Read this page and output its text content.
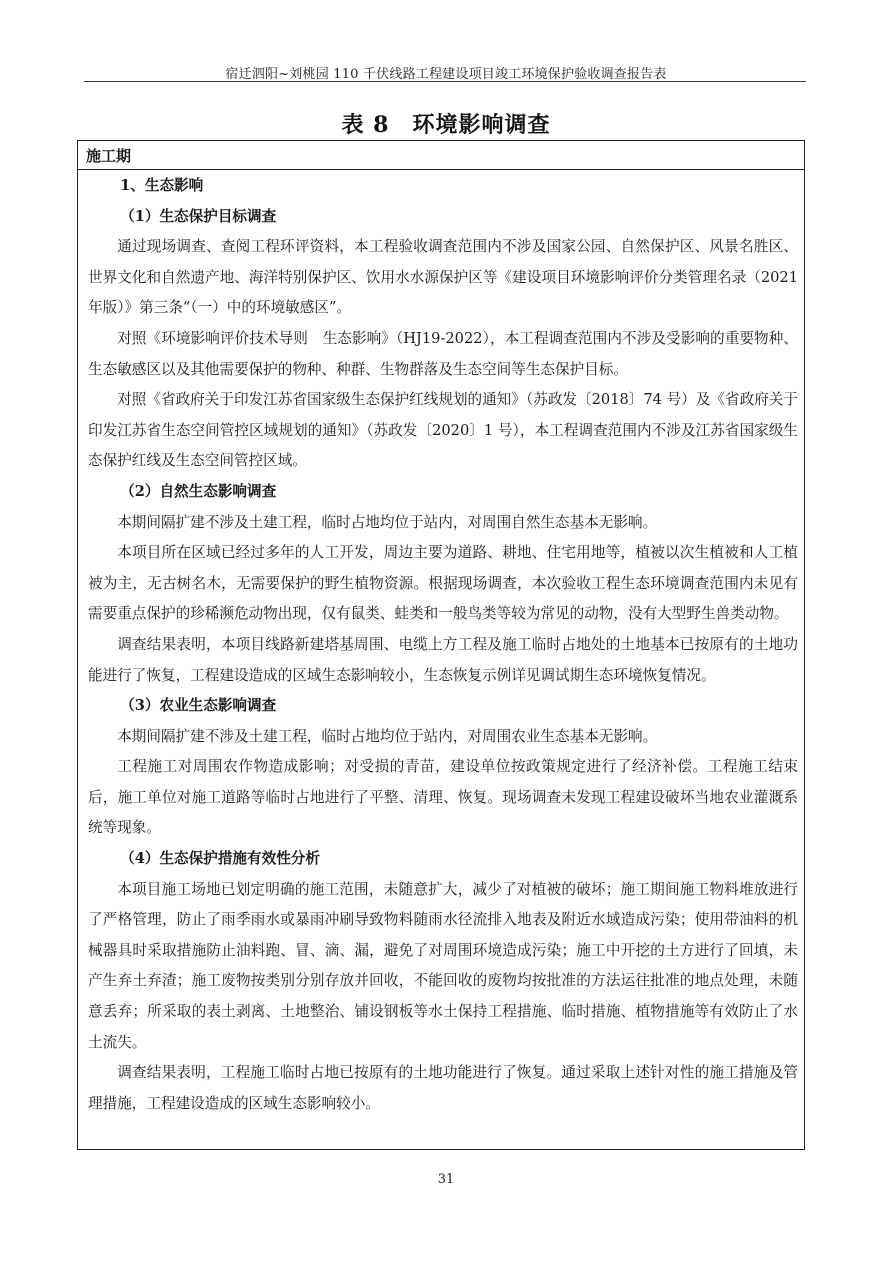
宿迁泗阳~刘桃园 110 千伏线路工程建设项目竣工环境保护验收调查报告表
表 8　环境影响调查
施工期

1、生态影响

（1）生态保护目标调查

通过现场调查、查阅工程环评资料，本工程验收调查范围内不涉及国家公园、自然保护区、风景名胜区、世界文化和自然遗产地、海洋特别保护区、饮用水水源保护区等《建设项目环境影响评价分类管理名录（2021 年版）》第三条“（一）中的环境敏感区”。

对照《环境影响评价技术导则　生态影响》（HJ19-2022），本工程调查范围内不涉及受影响的重要物种、生态敏感区以及其他需要保护的物种、种群、生物群落及生态空间等生态保护目标。

对照《省政府关于印发江苏省国家级生态保护红线规划的通知》（苏政发〔2018〕74 号）及《省政府关于印发江苏省生态空间管控区域规划的通知》（苏政发〔2020〕1 号），本工程调查范围内不涉及江苏省国家级生态保护红线及生态空间管控区域。

（2）自然生态影响调查

本期间隔扩建不涉及土建工程，临时占地均位于站内，对周围自然生态基本无影响。

本项目所在区域已经过多年的人工开发，周边主要为道路、耕地、住宅用地等，植被以次生植被和人工植被为主，无古树名木，无需要保护的野生植物资源。根据现场调查，本次验收工程生态环境调查范围内未见有需要重点保护的珍稀濒危动物出现，仅有鼠类、蛙类和一般鸟类等较为常见的动物，没有大型野生兽类动物。

调查结果表明，本项目线路新建塔基周围、电缆上方工程及施工临时占地处的土地基本已按原有的土地功能进行了恢复，工程建设造成的区域生态影响较小，生态恢复示例详见调试期生态环境恢复情况。

（3）农业生态影响调查

本期间隔扩建不涉及土建工程，临时占地均位于站内，对周围农业生态基本无影响。

工程施工对周围农作物造成影响；对受损的青苗，建设单位按政策规定进行了经济补偿。工程施工结束后，施工单位对施工道路等临时占地进行了平整、清理、恢复。现场调查未发现工程建设破坏当地农业灌溉系统等现象。

（4）生态保护措施有效性分析

本项目施工场地已划定明确的施工范围，未随意扩大，减少了对植被的破坏；施工期间施工物料堆放进行了严格管理，防止了雨季雨水或暴雨冲刷导致物料随雨水径流排入地表及附近水域造成污染；使用带油料的机械器具时采取措施防止油料跑、冒、滴、漏，避免了对周围环境造成污染；施工中开挖的土方进行了回填，未产生弃土弃渣；施工废物按类别分别存放并回收，不能回收的废物均按批准的方法运往批准的地点处理，未随意丢弃；所采取的表土剥离、土地整治、铺设钢板等水土保持工程措施、临时措施、植物措施等有效防止了水土流失。

调查结果表明，工程施工临时占地已按原有的土地功能进行了恢复。通过采取上述针对性的施工措施及管理措施，工程建设造成的区域生态影响较小。

31
